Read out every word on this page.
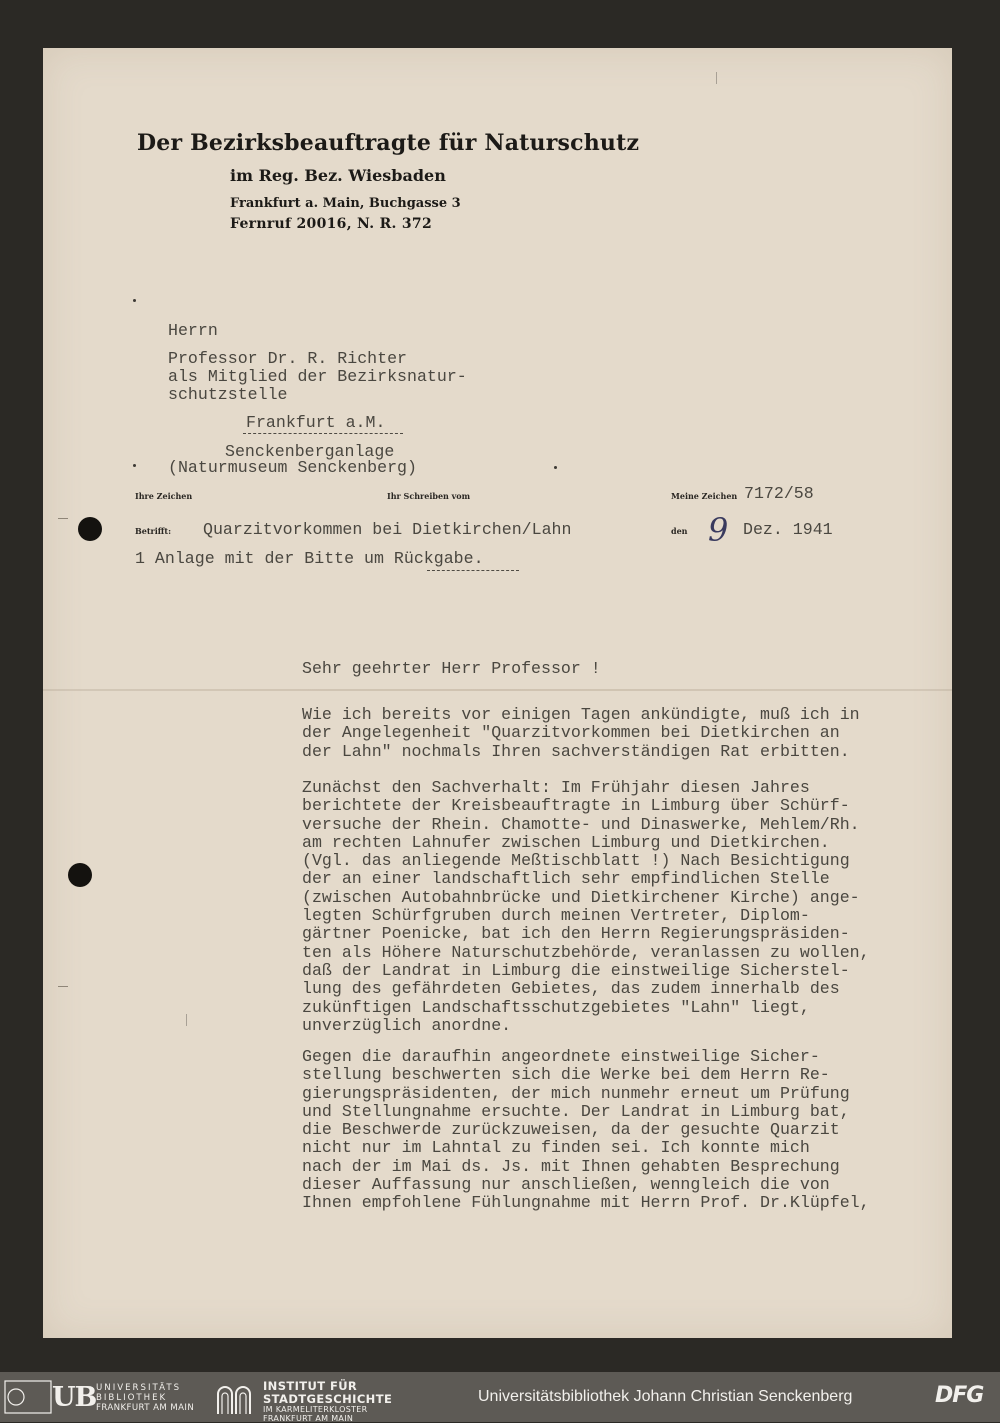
Der Bezirksbeauftragte für Naturschutz
im Reg. Bez. Wiesbaden
Frankfurt a. Main, Buchgasse 3
Fernruf 20016, N. R. 372
Herrn
Professor Dr. R. Richter
als Mitglied der Bezirksnatur-
schutzstelle
Frankfurt a.M.
Senckenberganlage
(Naturmuseum Senckenberg)
Ihre Zeichen	Ihr Schreiben vom	Meine Zeichen 7172/58
Betrifft: Quarzitvorkommen bei Dietkirchen/Lahn	den 9 Dez. 1941
1 Anlage mit der Bitte um Rückgabe.
Sehr geehrter Herr Professor !
Wie ich bereits vor einigen Tagen ankündigte, muß ich in
der Angelegenheit "Quarzitvorkommen bei Dietkirchen an
der Lahn" nochmals Ihren sachverständigen Rat erbitten.
Zunächst den Sachverhalt: Im Frühjahr diesen Jahres
berichtete der Kreisbeauftragte in Limburg über Schürf-
versuche der Rhein. Chamotte- und Dinaswerke, Mehlem/Rh.
am rechten Lahnufer zwischen Limburg und Dietkirchen.
(Vgl. das anliegende Meßtischblatt !) Nach Besichtigung
der an einer landschaftlich sehr empfindlichen Stelle
(zwischen Autobahnbrücke und Dietkirchener Kirche) ange-
legten Schürfgruben durch meinen Vertreter, Diplom-
gärtner Poenicke, bat ich den Herrn Regierungspräsiden-
ten als Höhere Naturschutzbehörde, veranlassen zu wollen,
daß der Landrat in Limburg die einstweilige Sicherstel-
lung des gefährdeten Gebietes, das zudem innerhalb des
zukünftigen Landschaftsschutzgebietes "Lahn" liegt,
unverzüglich anordne.
Gegen die daraufhin angeordnete einstweilige Sicher-
stellung beschwerten sich die Werke bei dem Herrn Re-
gierungspräsidenten, der mich nunmehr erneut um Prüfung
und Stellungnahme ersuchte. Der Landrat in Limburg bat,
die Beschwerde zurückzuweisen, da der gesuchte Quarzit
nicht nur im Lahntal zu finden sei. Ich konnte mich
nach der im Mai ds. Js. mit Ihnen gehabten Besprechung
dieser Auffassung nur anschließen, wenngleich die von
Ihnen empfohlene Fühlungnahme mit Herrn Prof. Dr.Klüpfel,
UB UNIVERSITÄTS
BIBLIOTHEK
FRANKFURT AM MAIN
INSTITUT FÜR
STADTGESCHICHTE
IM KARMELITERKLOSTER
FRANKFURT AM MAIN
Universitätsbibliothek Johann Christian Senckenberg	DFG
